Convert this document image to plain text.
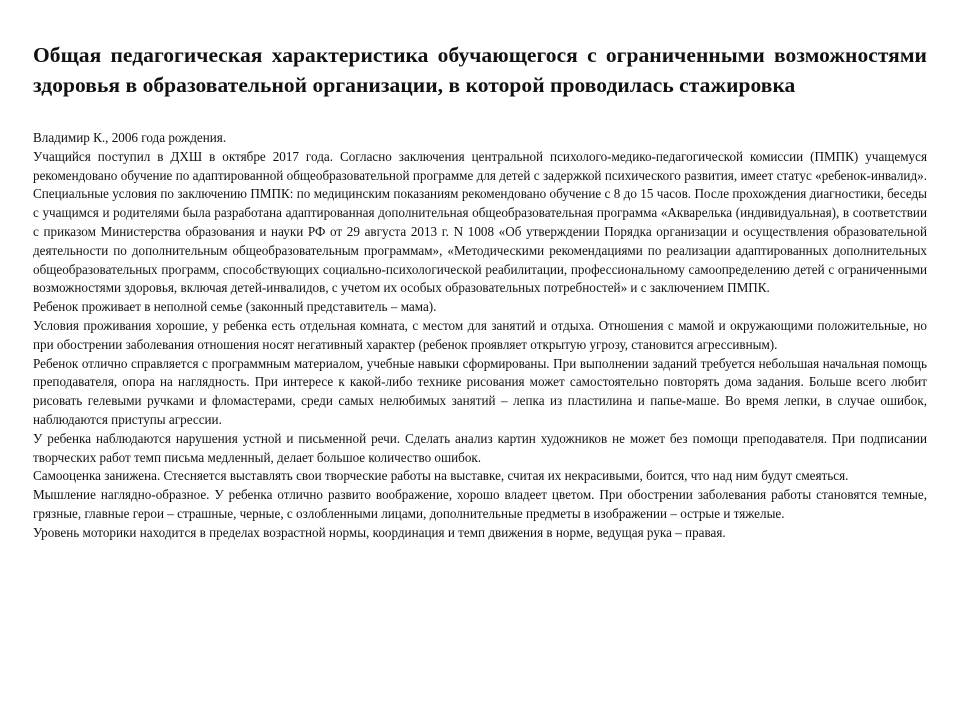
Общая педагогическая характеристика обучающегося с ограниченными возможностями здоровья в образовательной организации, в которой проводилась стажировка

Владимир К., 2006 года рождения.

Учащийся поступил в ДХШ в октябре 2017 года. Согласно заключения центральной психолого-медико-педагогической комиссии (ПМПК) учащемуся рекомендовано обучение по адаптированной общеобразовательной программе для детей с задержкой психического развития, имеет статус «ребенок-инвалид». Специальные условия по заключению ПМПК: по медицинским показаниям рекомендовано обучение с 8 до 15 часов. После прохождения диагностики, беседы с учащимся и родителями была разработана адаптированная дополнительная общеобразовательная программа «Акварелька (индивидуальная), в соответствии с приказом Министерства образования и науки РФ от 29 августа 2013 г. N 1008 «Об утверждении Порядка организации и осуществления образовательной деятельности по дополнительным общеобразовательным программам», «Методическими рекомендациями по реализации адаптированных дополнительных общеобразовательных программ, способствующих социально-психологической реабилитации, профессиональному самоопределению детей с ограниченными возможностями здоровья, включая детей-инвалидов, с учетом их особых образовательных потребностей» и с заключением ПМПК.

Ребенок проживает в неполной семье (законный представитель – мама).

Условия проживания хорошие, у ребенка есть отдельная комната, с местом для занятий и отдыха. Отношения с мамой и окружающими положительные, но при обострении заболевания отношения носят негативный характер (ребенок проявляет открытую угрозу, становится агрессивным).

Ребенок отлично справляется с программным материалом, учебные навыки сформированы. При выполнении заданий требуется небольшая начальная помощь преподавателя, опора на наглядность. При интересе к какой-либо технике рисования может самостоятельно повторять дома задания. Больше всего любит рисовать гелевыми ручками и фломастерами, среди самых нелюбимых занятий – лепка из пластилина и папье-маше. Во время лепки, в случае ошибок, наблюдаются приступы агрессии.

У ребенка наблюдаются нарушения устной и письменной речи. Сделать анализ картин художников не может без помощи преподавателя. При подписании творческих работ темп письма медленный, делает большое количество ошибок.

Самооценка занижена. Стесняется выставлять свои творческие работы на выставке, считая их некрасивыми, боится, что над ним будут смеяться.

Мышление наглядно-образное. У ребенка отлично развито воображение, хорошо владеет цветом. При обострении заболевания работы становятся темные, грязные, главные герои – страшные, черные, с озлобленными лицами, дополнительные предметы в изображении – острые и тяжелые.

Уровень моторики находится в пределах возрастной нормы, координация и темп движения в норме, ведущая рука – правая.
